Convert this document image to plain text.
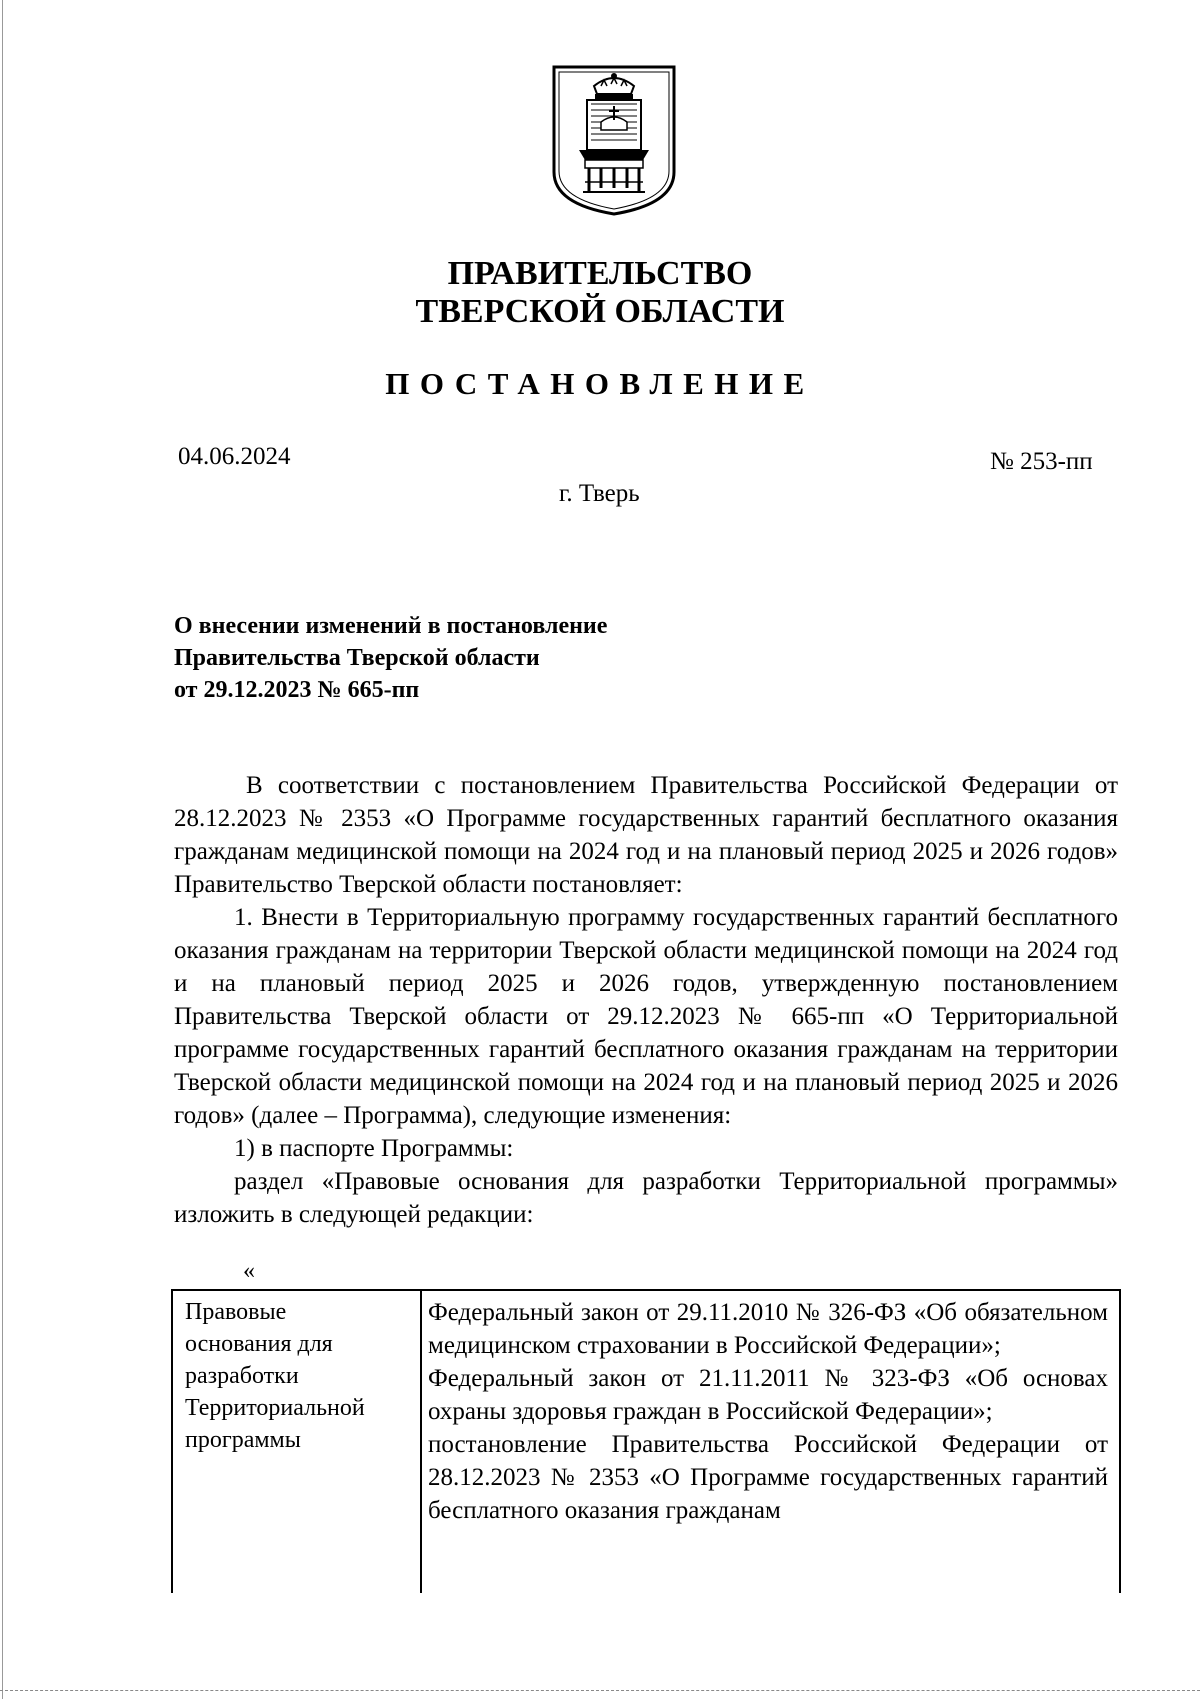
ПРАВИТЕЛЬСТВО
ТВЕРСКОЙ ОБЛАСТИ
ПОСТАНОВЛЕНИЕ
04.06.2024	№ 253-пп
г. Тверь
О внесении изменений в постановление
Правительства Тверской области
от 29.12.2023 № 665-пп

В соответствии с постановлением Правительства Российской Федерации от 28.12.2023 № 2353 «О Программе государственных гарантий бесплатного оказания гражданам медицинской помощи на 2024 год и на плановый период 2025 и 2026 годов» Правительство Тверской области постановляет:

1. Внести в Территориальную программу государственных гарантий бесплатного оказания гражданам на территории Тверской области медицинской помощи на 2024 год и на плановый период 2025 и 2026 годов, утвержденную постановлением Правительства Тверской области от 29.12.2023 № 665-пп «О Территориальной программе государственных гарантий бесплатного оказания гражданам на территории Тверской области медицинской помощи на 2024 год и на плановый период 2025 и 2026 годов» (далее – Программа), следующие изменения:

1) в паспорте Программы:

раздел «Правовые основания для разработки Территориальной программы» изложить в следующей редакции:

«
Правовые
основания для
разработки
Территориальной
программы
Федеральный закон от 29.11.2010 № 326-ФЗ «Об обязательном медицинском страховании в Российской Федерации»;
Федеральный закон от 21.11.2011 № 323-ФЗ «Об основах охраны здоровья граждан в Российской Федерации»;
постановление Правительства Российской Федерации от 28.12.2023 № 2353 «О Программе государственных гарантий бесплатного оказания гражданам
